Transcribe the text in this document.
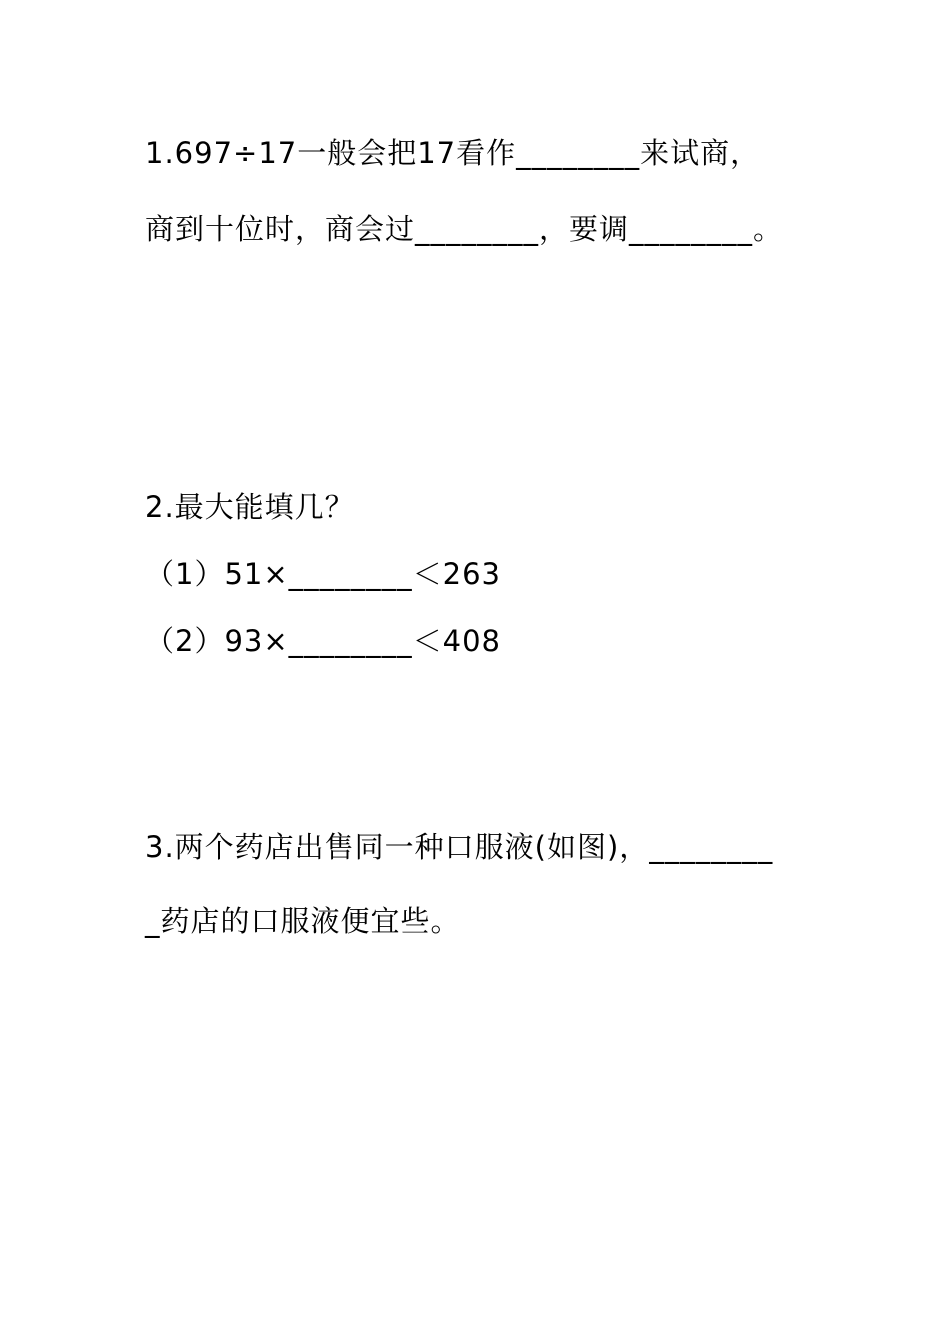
1.697÷17一般会把17看作________来试商，
商到十位时，商会过________，要调________。
2.最大能填几？
（1）51×________＜263
（2）93×________＜408
3.两个药店出售同一种口服液(如图)，________
_药店的口服液便宜些。
